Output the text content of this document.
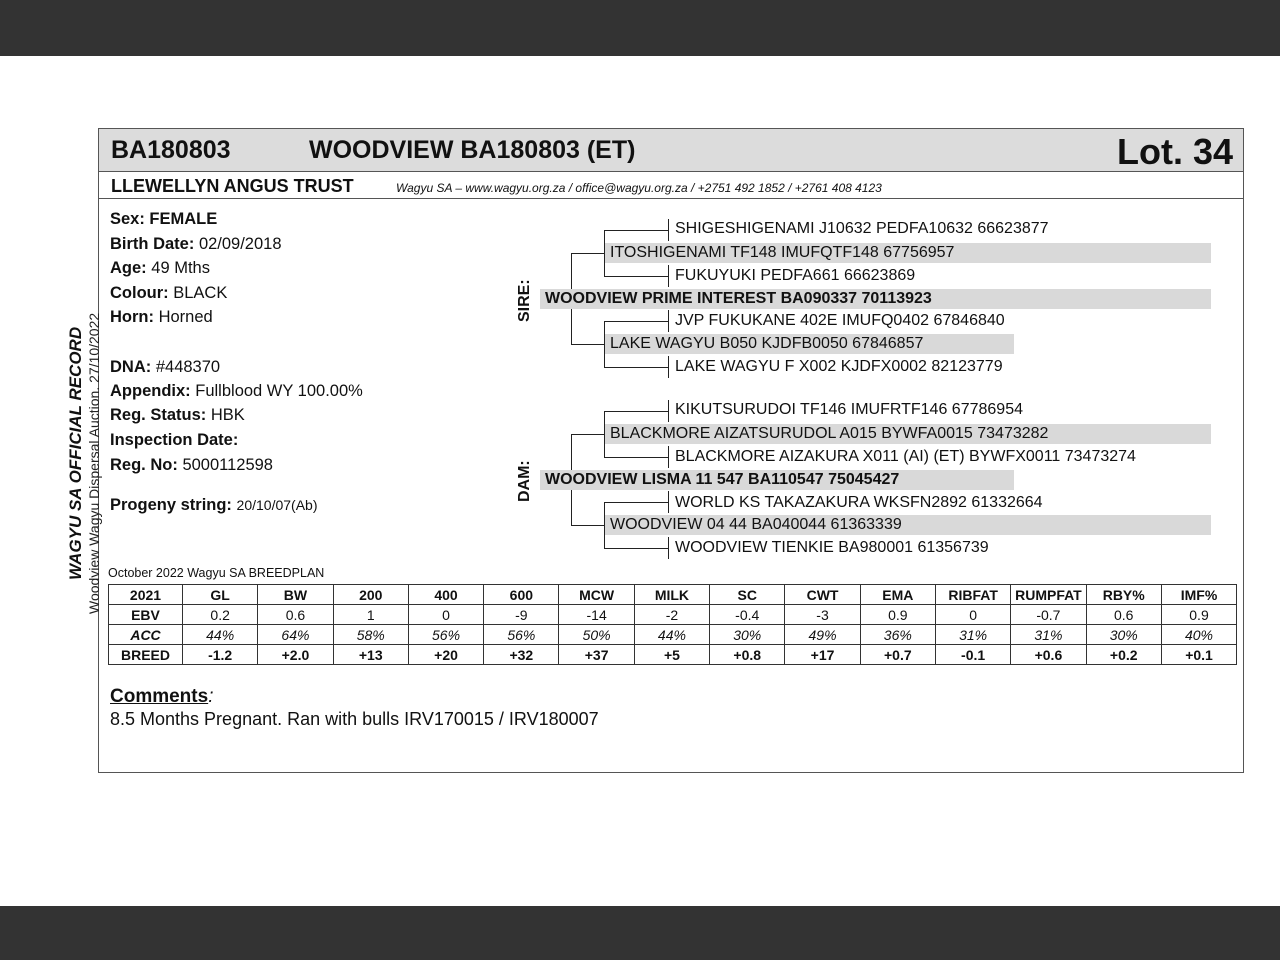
BA180803	WOODVIEW BA180803 (ET)	Lot. 34
LLEWELLYN ANGUS TRUST	Wagyu SA – www.wagyu.org.za / office@wagyu.org.za / +2751 492 1852 / +2761 408 4123
WAGYU SA OFFICIAL RECORD Woodview Wagyu Dispersal Auction. 27/10/2022
Sex: FEMALE
Birth Date: 02/09/2018
Age: 49 Mths
Colour: BLACK
Horn: Horned
DNA: #448370
Appendix: Fullblood WY 100.00%
Reg. Status: HBK
Inspection Date:
Reg. No: 5000112598
Progeny string: 20/10/07(Ab)
SIRE:
DAM:
SHIGESHIGENAMI J10632 PEDFA10632 66623877
ITOSHIGENAMI TF148 IMUFQTF148 67756957
FUKUYUKI PEDFA661 66623869
WOODVIEW PRIME INTEREST BA090337 70113923
JVP FUKUKANE 402E IMUFQ0402 67846840
LAKE WAGYU B050 KJDFB0050 67846857
LAKE WAGYU F X002 KJDFX0002 82123779
KIKUTSURUDOI TF146 IMUFRTF146 67786954
BLACKMORE AIZATSURUDOL A015 BYWFA0015 73473282
BLACKMORE AIZAKURA X011 (AI) (ET) BYWFX0011 73473274
WOODVIEW LISMA 11 547 BA110547 75045427
WORLD KS TAKAZAKURA WKSFN2892 61332664
WOODVIEW 04 44 BA040044 61363339
WOODVIEW TIENKIE BA980001 61356739
October 2022 Wagyu SA BREEDPLAN
2021	GL	BW	200	400	600	MCW	MILK	SC	CWT	EMA	RIBFAT	RUMPFAT	RBY%	IMF%
EBV	0.2	0.6	1	0	-9	-14	-2	-0.4	-3	0.9	0	-0.7	0.6	0.9
ACC	44%	64%	58%	56%	56%	50%	44%	30%	49%	36%	31%	31%	30%	40%
BREED	-1.2	+2.0	+13	+20	+32	+37	+5	+0.8	+17	+0.7	-0.1	+0.6	+0.2	+0.1
Comments:
8.5 Months Pregnant. Ran with bulls IRV170015 / IRV180007
